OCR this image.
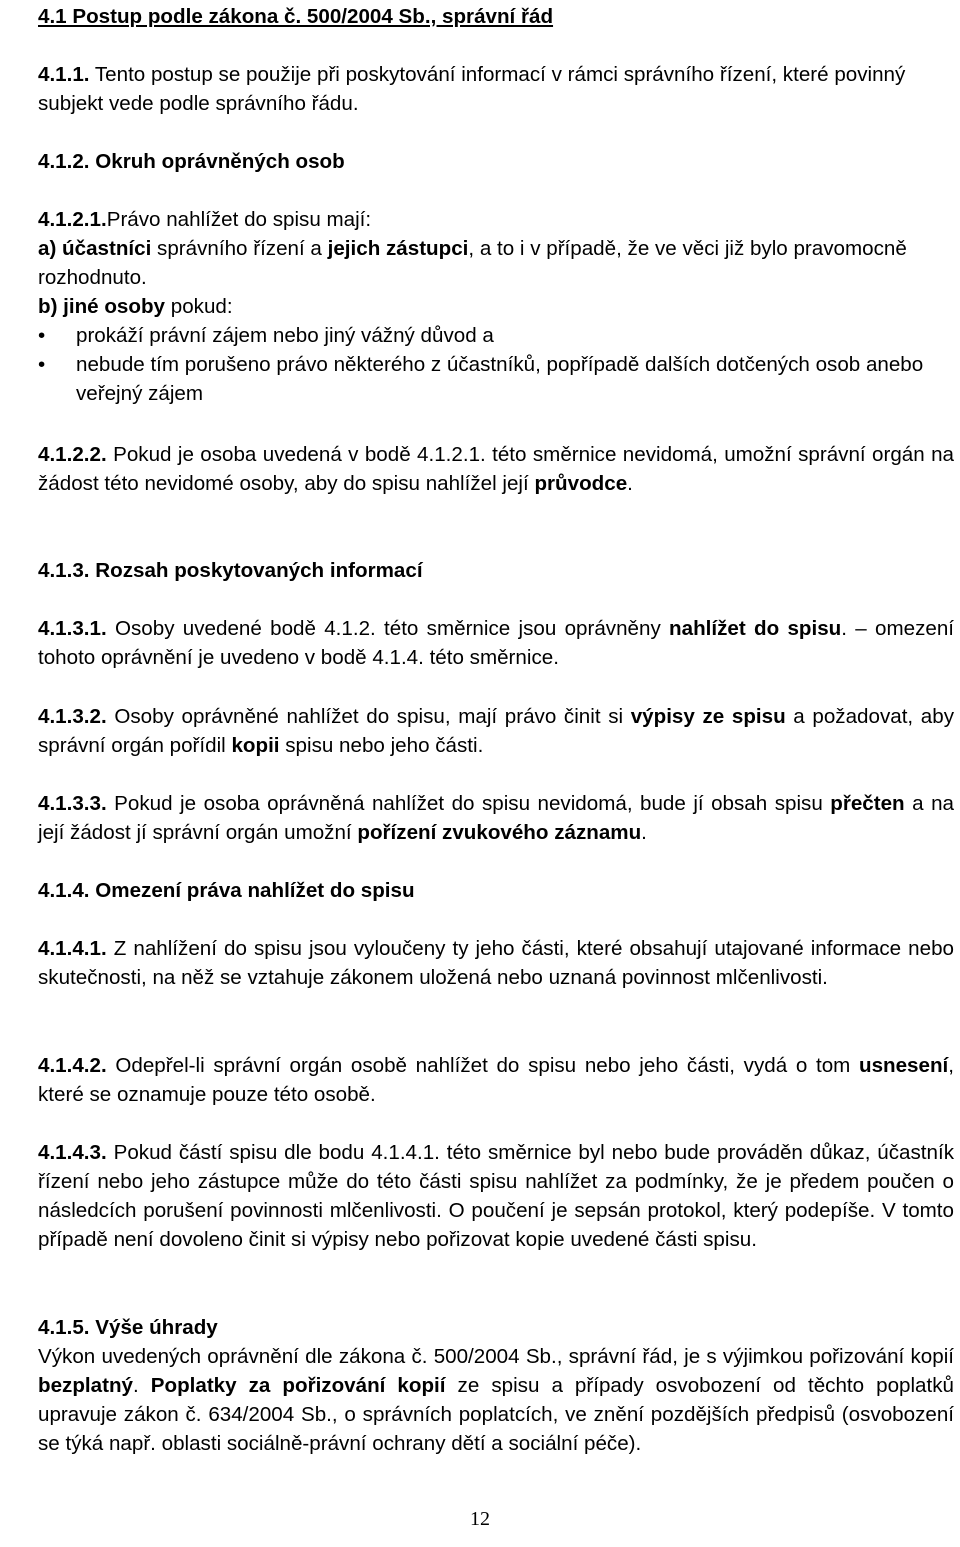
4.1 Postup podle zákona č. 500/2004 Sb., správní řád

4.1.1. Tento postup se použije při poskytování informací v rámci správního řízení, které povinný subjekt vede podle správního řádu.

4.1.2. Okruh oprávněných osob

4.1.2.1.Právo nahlížet do spisu mají:
a) účastníci správního řízení a jejich zástupci, a to i v případě, že ve věci již bylo pravomocně rozhodnuto.
b) jiné osoby pokud:
• prokáží právní zájem nebo jiný vážný důvod a
• nebude tím porušeno právo některého z účastníků, popřípadě dalších dotčených osob anebo veřejný zájem

4.1.2.2. Pokud je osoba uvedená v bodě 4.1.2.1. této směrnice nevidomá, umožní správní orgán na žádost této nevidomé osoby, aby do spisu nahlížel její průvodce.

4.1.3. Rozsah poskytovaných informací

4.1.3.1. Osoby uvedené bodě 4.1.2. této směrnice jsou oprávněny nahlížet do spisu. – omezení tohoto oprávnění je uvedeno v bodě 4.1.4. této směrnice.

4.1.3.2. Osoby oprávněné nahlížet do spisu, mají právo činit si výpisy ze spisu a požadovat, aby správní orgán pořídil kopii spisu nebo jeho části.

4.1.3.3. Pokud je osoba oprávněná nahlížet do spisu nevidomá, bude jí obsah spisu přečten a na její žádost jí správní orgán umožní pořízení zvukového záznamu.

4.1.4. Omezení práva nahlížet do spisu

4.1.4.1. Z nahlížení do spisu jsou vyloučeny ty jeho části, které obsahují utajované informace nebo skutečnosti, na něž se vztahuje zákonem uložená nebo uznaná povinnost mlčenlivosti.

4.1.4.2. Odepřel-li správní orgán osobě nahlížet do spisu nebo jeho části, vydá o tom usnesení, které se oznamuje pouze této osobě.

4.1.4.3. Pokud částí spisu dle bodu 4.1.4.1. této směrnice byl nebo bude prováděn důkaz, účastník řízení nebo jeho zástupce může do této části spisu nahlížet za podmínky, že je předem poučen o následcích porušení povinnosti mlčenlivosti. O poučení je sepsán protokol, který podepíše. V tomto případě není dovoleno činit si výpisy nebo pořizovat kopie uvedené části spisu.

4.1.5. Výše úhrady
Výkon uvedených oprávnění dle zákona č. 500/2004 Sb., správní řád, je s výjimkou pořizování kopií bezplatný. Poplatky za pořizování kopií ze spisu a případy osvobození od těchto poplatků upravuje zákon č. 634/2004 Sb., o správních poplatcích, ve znění pozdějších předpisů (osvobození se týká např. oblasti sociálně-právní ochrany dětí a sociální péče).
12
